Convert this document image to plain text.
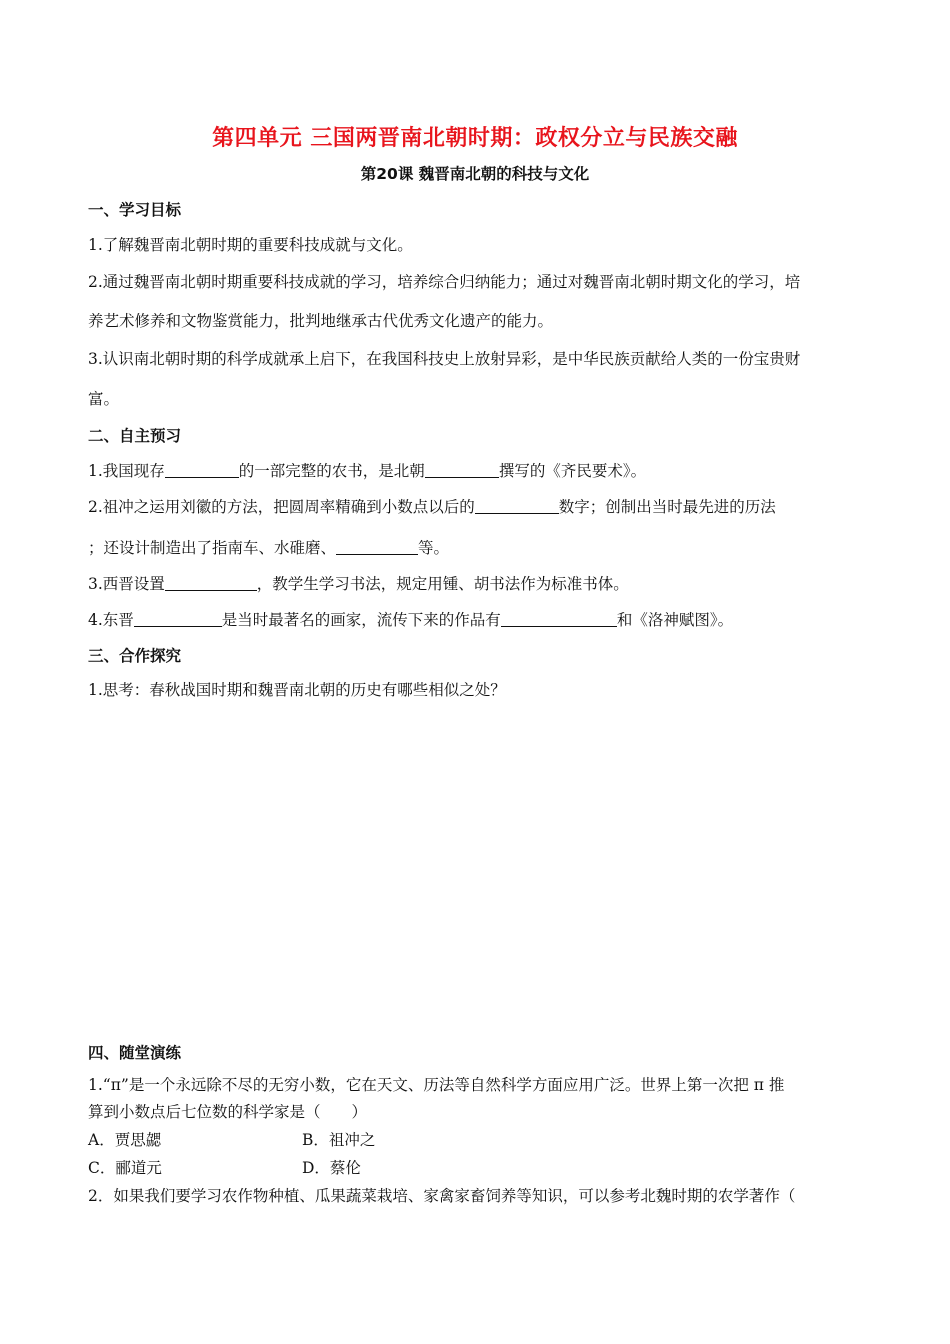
第四单元 三国两晋南北朝时期：政权分立与民族交融
第20课 魏晋南北朝的科技与文化
一、学习目标
1.了解魏晋南北朝时期的重要科技成就与文化。
2.通过魏晋南北朝时期重要科技成就的学习，培养综合归纳能力；通过对魏晋南北朝时期文化的学习，培
养艺术修养和文物鉴赏能力，批判地继承古代优秀文化遗产的能力。
3.认识南北朝时期的科学成就承上启下，在我国科技史上放射异彩，是中华民族贡献给人类的一份宝贵财
富。
二、自主预习
1.我国现存	的一部完整的农书，是北朝	撰写的《齐民要术》。
2.祖冲之运用刘徽的方法，把圆周率精确到小数点以后的	数字；创制出当时最先进的历法
；还设计制造出了指南车、水碓磨、	等。
3.西晋设置	，教学生学习书法，规定用锺、胡书法作为标准书体。
4.东晋	是当时最著名的画家，流传下来的作品有	和《洛神赋图》。
三、合作探究
1.思考：春秋战国时期和魏晋南北朝的历史有哪些相似之处？
四、随堂演练
1.“π”是一个永远除不尽的无穷小数，它在天文、历法等自然科学方面应用广泛。世界上第一次把 π 推
算到小数点后七位数的科学家是（　　）
A．贾思勰	B．祖冲之
C．郦道元	D．蔡伦
2．如果我们要学习农作物种植、瓜果蔬菜栽培、家禽家畜饲养等知识，可以参考北魏时期的农学著作（
